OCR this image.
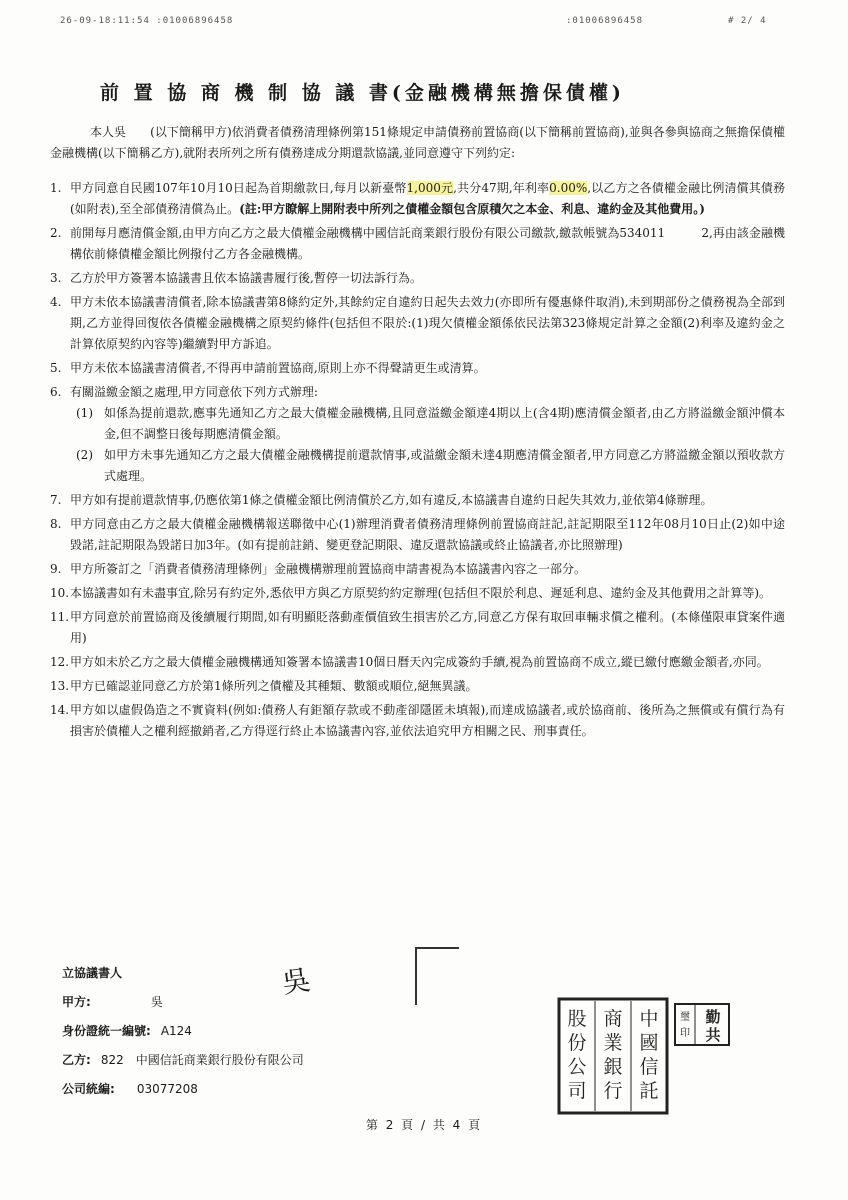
26-09-18:11:54 :01006896458	:01006896458	# 2/ 4
前 置 協 商 機 制 協 議 書(金融機構無擔保債權)

本人吳　　(以下簡稱甲方)依消費者債務清理條例第151條規定申請債務前置協商(以下簡稱前置協商),並與各參與協商之無擔保債權金融機構(以下簡稱乙方),就附表所列之所有債務達成分期還款協議,並同意遵守下列約定:

1. 甲方同意自民國107年10月10日起為首期繳款日,每月以新臺幣1,000元,共分47期,年利率0.00%,以乙方之各債權金融比例清償其債務(如附表),至全部債務清償為止。(註:甲方瞭解上開附表中所列之債權金額包含原積欠之本金、利息、違約金及其他費用。)
2. 前開每月應清償金額,由甲方向乙方之最大債權金融機構中國信託商業銀行股份有限公司繳款,繳款帳號為534011　　　2,再由該金融機構依前條債權金額比例撥付乙方各金融機構。
3. 乙方於甲方簽署本協議書且依本協議書履行後,暫停一切法訴行為。
4. 甲方未依本協議書清償者,除本協議書第8條約定外,其餘約定自違約日起失去效力(亦即所有優惠條件取消),未到期部份之債務視為全部到期,乙方並得回復依各債權金融機構之原契約條件(包括但不限於:(1)現欠債權金額係依民法第323條規定計算之金額(2)利率及違約金之計算依原契約內容等)繼續對甲方訴追。
5. 甲方未依本協議書清償者,不得再申請前置協商,原則上亦不得聲請更生或清算。
6. 有關溢繳金額之處理,甲方同意依下列方式辦理:
(1) 如係為提前還款,應事先通知乙方之最大債權金融機構,且同意溢繳金額達4期以上(含4期)應清償金額者,由乙方將溢繳金額沖償本金,但不調整日後每期應清償金額。
(2) 如甲方未事先通知乙方之最大債權金融機構提前還款情事,或溢繳金額未達4期應清償金額者,甲方同意乙方將溢繳金額以預收款方式處理。
7. 甲方如有提前還款情事,仍應依第1條之債權金額比例清償於乙方,如有違反,本協議書自違約日起失其效力,並依第4條辦理。
8. 甲方同意由乙方之最大債權金融機構報送聯徵中心(1)辦理消費者債務清理條例前置協商註記,註記期限至112年08月10日止(2)如中途毀諾,註記期限為毀諾日加3年。(如有提前註銷、變更登記期限、違反還款協議或終止協議者,亦比照辦理)
9. 甲方所簽訂之「消費者債務清理條例」金融機構辦理前置協商申請書視為本協議書內容之一部分。
10. 本協議書如有未盡事宜,除另有約定外,悉依甲方與乙方原契約約定辦理(包括但不限於利息、遲延利息、違約金及其他費用之計算等)。
11. 甲方同意於前置協商及後續履行期間,如有明顯貶落動產價值致生損害於乙方,同意乙方保有取回車輛求償之權利。(本條僅限車貸案件適用)
12. 甲方如未於乙方之最大債權金融機構通知簽署本協議書10個日曆天內完成簽約手續,視為前置協商不成立,縱已繳付應繳金額者,亦同。
13. 甲方已確認並同意乙方於第1條所列之債權及其種類、數額或順位,絕無異議。
14. 甲方如以虛假偽造之不實資料(例如:債務人有鉅額存款或不動產卻隱匿未填報),而達成協議者,或於協商前、後所為之無償或有償行為有損害於債權人之權利經撤銷者,乙方得逕行終止本協議書內容,並依法追究甲方相關之民、刑事責任。
立協議書人
甲方:	吳
身份證統一編號: A124
乙方: 822　中國信託商業銀行股份有限公司
公司統編: 03077208
吳
中
國
信
託
商
業
銀
行
股
份
公
司
璽
印
勤
共
第 2 頁 / 共 4 頁
